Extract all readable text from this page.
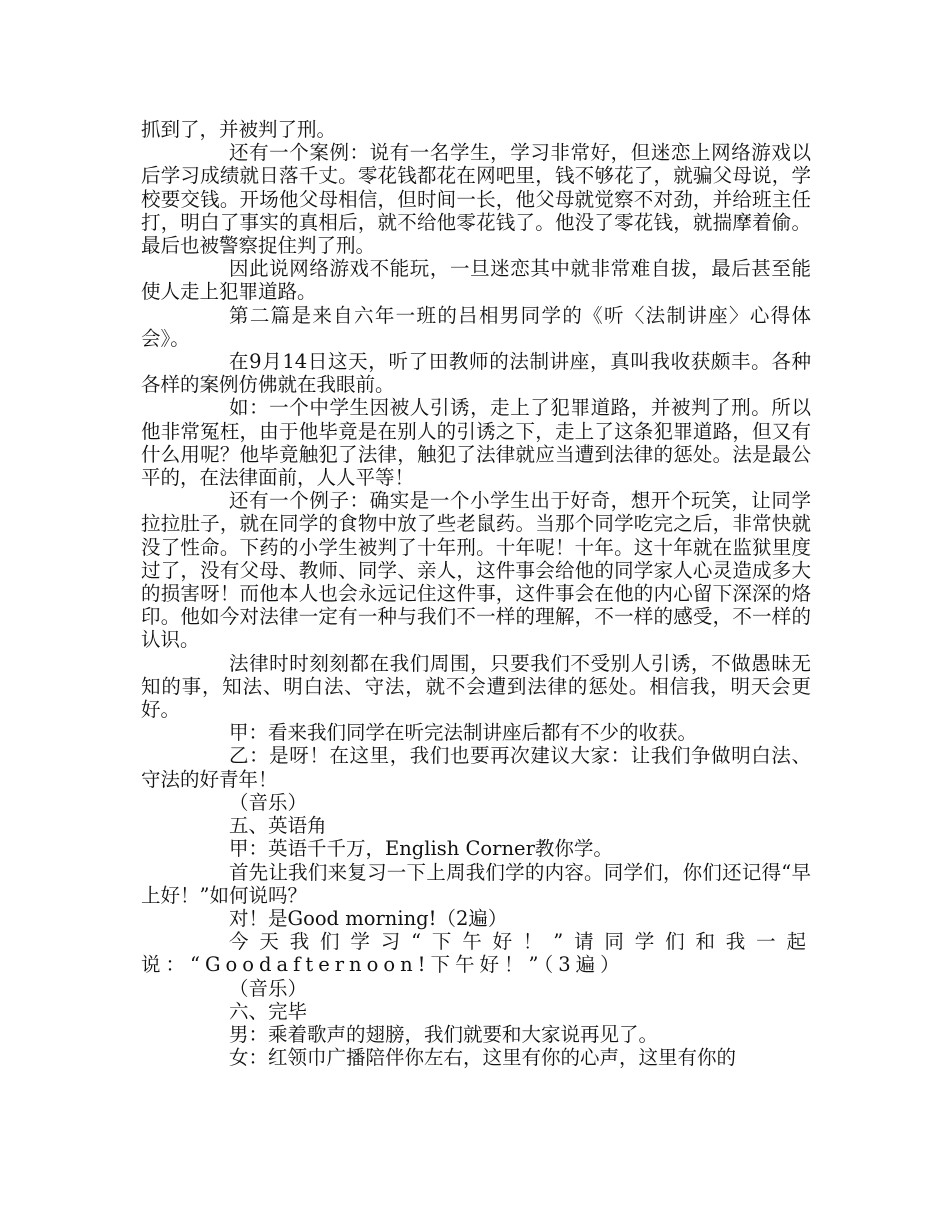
抓到了，并被判了刑。

还有一个案例：说有一名学生，学习非常好，但迷恋上网络游戏以后学习成绩就日落千丈。零花钱都花在网吧里，钱不够花了，就骗父母说，学校要交钱。开场他父母相信，但时间一长，他父母就觉察不对劲，并给班主任打，明白了事实的真相后，就不给他零花钱了。他没了零花钱，就揣摩着偷。最后也被警察捉住判了刑。

因此说网络游戏不能玩，一旦迷恋其中就非常难自拔，最后甚至能使人走上犯罪道路。

第二篇是来自六年一班的吕相男同学的《听〈法制讲座〉心得体会》。

在9月14日这天，听了田教师的法制讲座，真叫我收获颇丰。各种各样的案例仿佛就在我眼前。

如：一个中学生因被人引诱，走上了犯罪道路，并被判了刑。所以他非常冤枉，由于他毕竟是在别人的引诱之下，走上了这条犯罪道路，但又有什么用呢？他毕竟触犯了法律，触犯了法律就应当遭到法律的惩处。法是最公平的，在法律面前，人人平等！

还有一个例子：确实是一个小学生出于好奇，想开个玩笑，让同学拉拉肚子，就在同学的食物中放了些老鼠药。当那个同学吃完之后，非常快就没了性命。下药的小学生被判了十年刑。十年呢！十年。这十年就在监狱里度过了，没有父母、教师、同学、亲人，这件事会给他的同学家人心灵造成多大的损害呀！而他本人也会永远记住这件事，这件事会在他的内心留下深深的烙印。他如今对法律一定有一种与我们不一样的理解，不一样的感受，不一样的认识。

法律时时刻刻都在我们周围，只要我们不受别人引诱，不做愚昧无知的事，知法、明白法、守法，就不会遭到法律的惩处。相信我，明天会更好。

甲：看来我们同学在听完法制讲座后都有不少的收获。

乙：是呀！在这里，我们也要再次建议大家：让我们争做明白法、守法的好青年！

（音乐）

五、英语角

甲：英语千千万，English Corner教你学。

首先让我们来复习一下上周我们学的内容。同学们，你们还记得“早上好！”如何说吗？

对！是Good morning!（2遍）

今天我们学习“下午好！”请同学们和我一起说：“Goodafternoon!下午好！”（3遍）

（音乐）

六、完毕

男：乘着歌声的翅膀，我们就要和大家说再见了。

女：红领巾广播陪伴你左右，这里有你的心声，这里有你的
